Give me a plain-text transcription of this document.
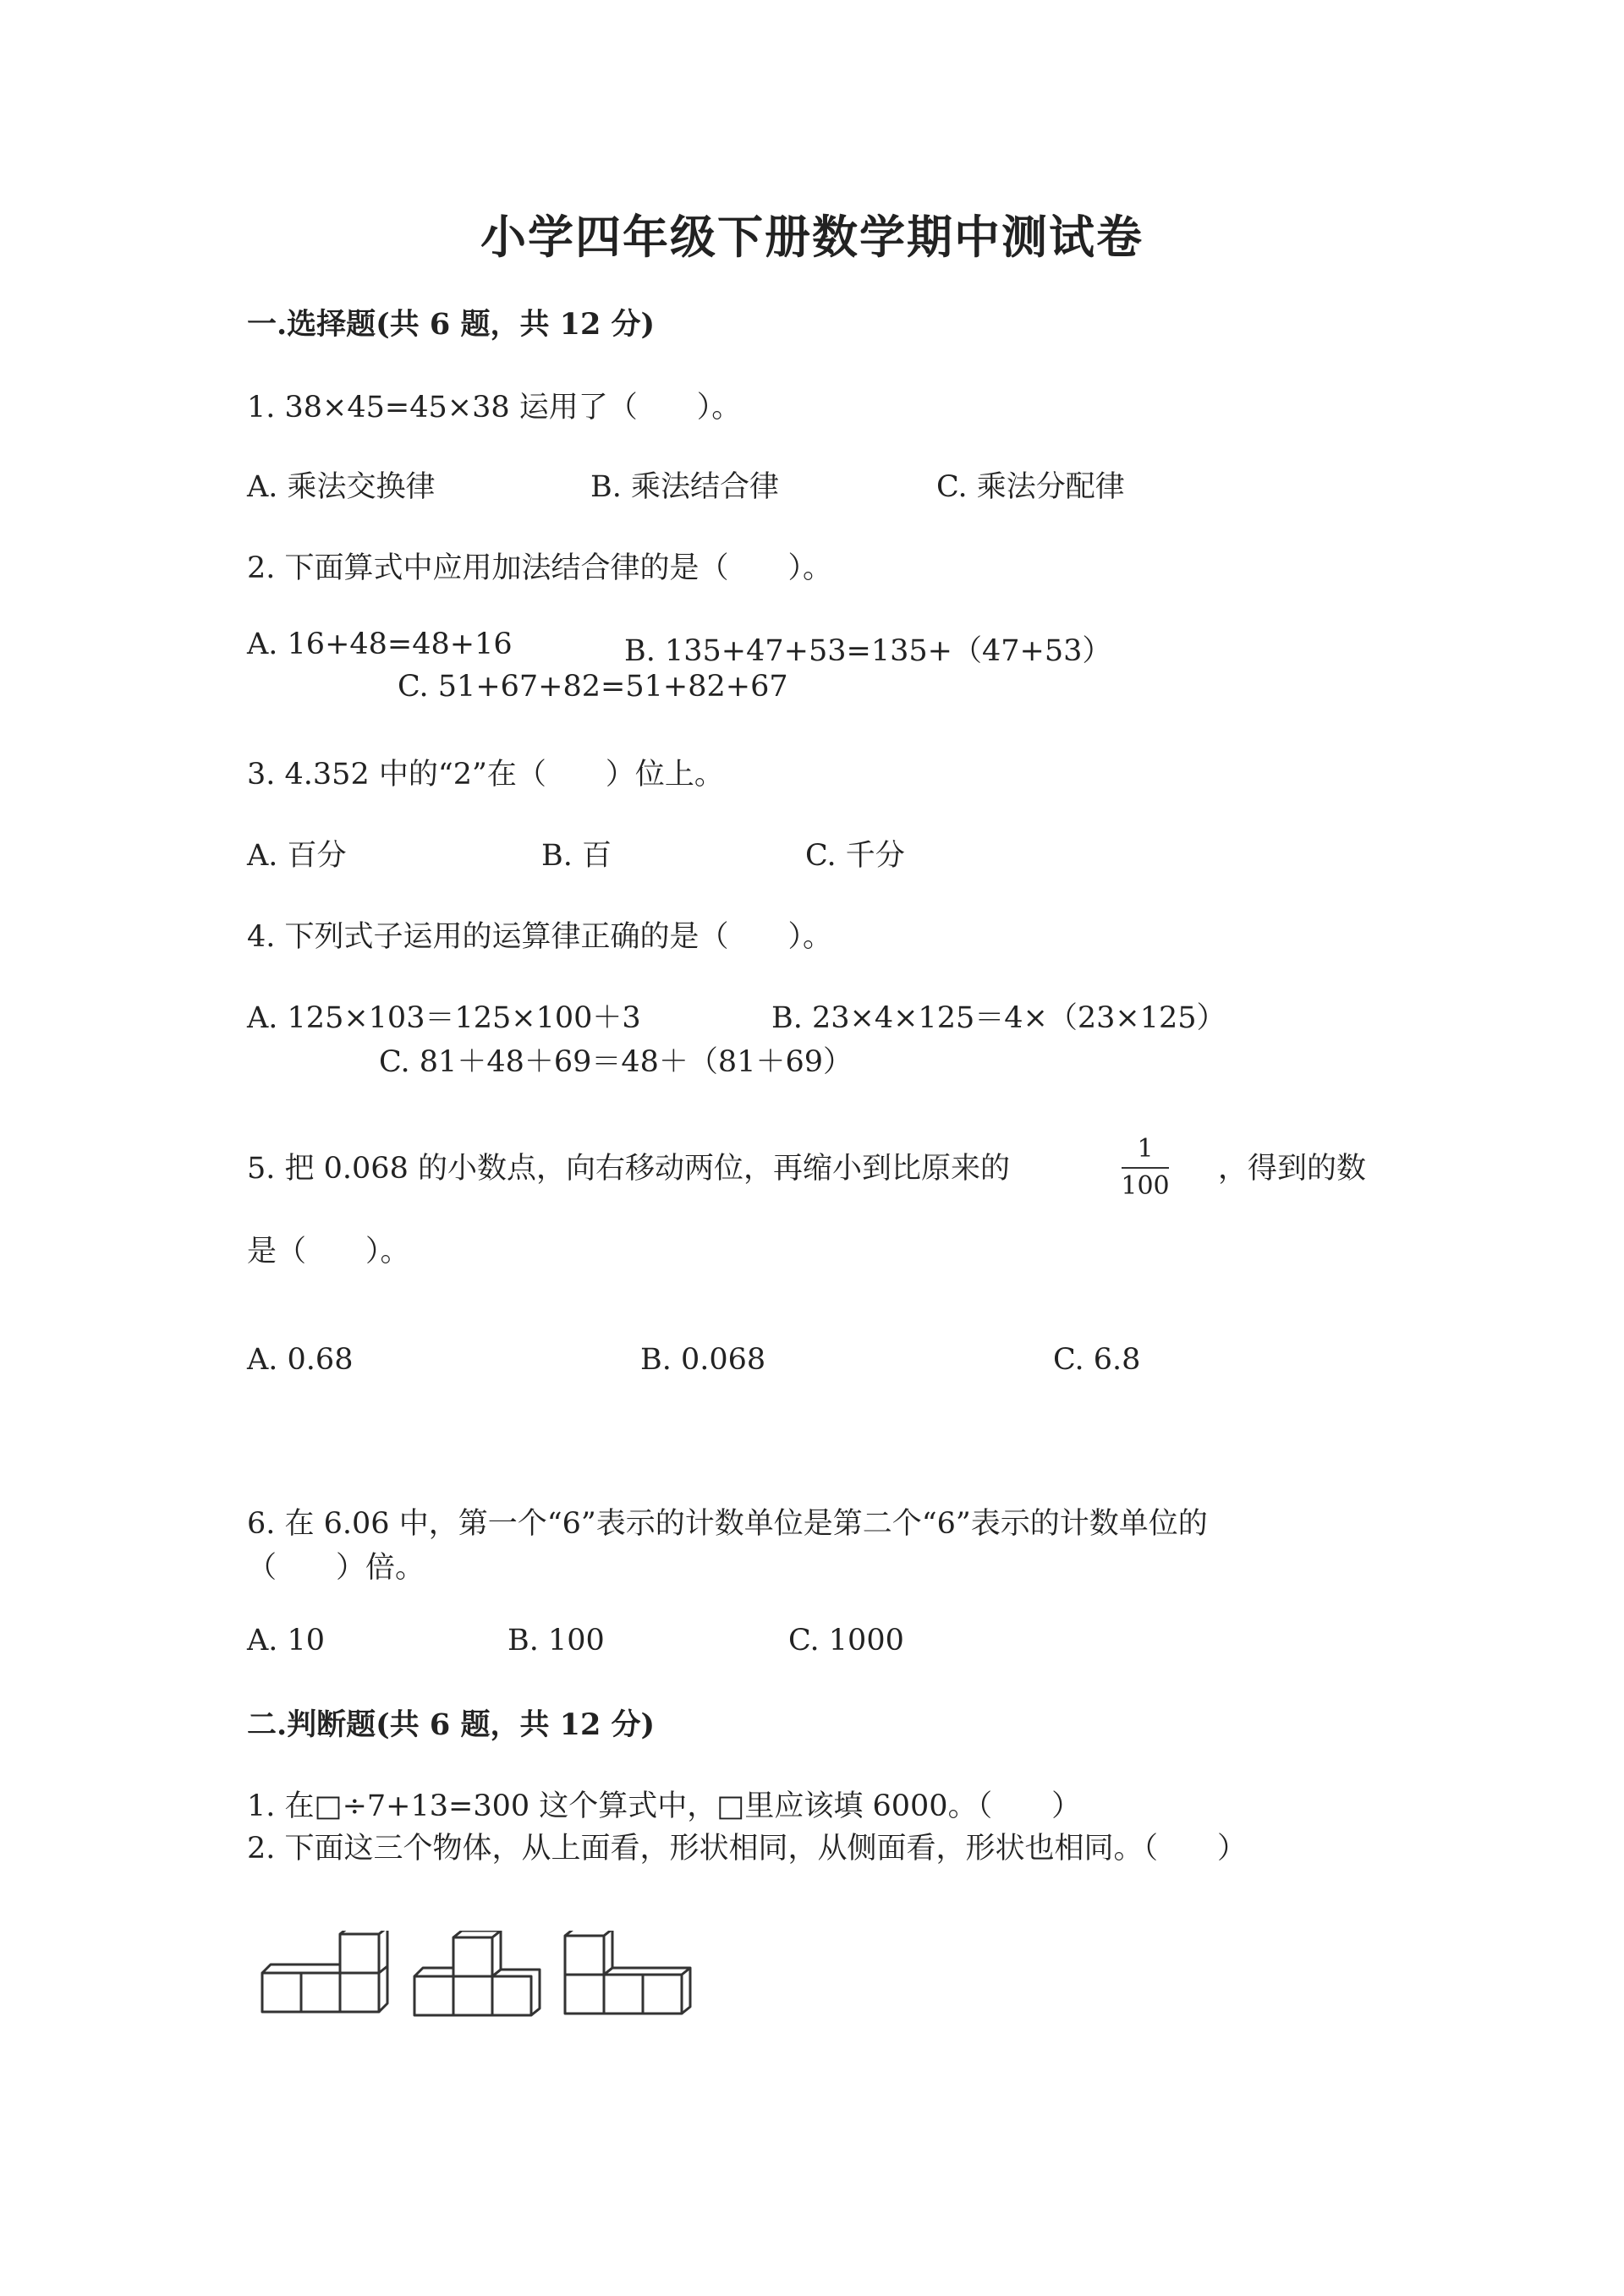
小学四年级下册数学期中测试卷
一.选择题(共 6 题，共 12 分)
1. 38×45=45×38 运用了（　　）。
A. 乘法交换律	B. 乘法结合律	C. 乘法分配律
2. 下面算式中应用加法结合律的是（　　）。
A. 16+48=48+16	B. 135+47+53=135+（47+53）
C. 51+67+82=51+82+67
3. 4.352 中的“2”在（　　）位上。
A. 百分	B. 百	C. 千分
4. 下列式子运用的运算律正确的是（　　）。
A. 125×103＝125×100＋3	B. 23×4×125＝4×（23×125）
C. 81＋48＋69＝48＋（81＋69）
5. 把 0.068 的小数点，向右移动两位，再缩小到比原来的
1
100
，得到的数
是（　　）。
A. 0.68	B. 0.068	C. 6.8
6. 在 6.06 中，第一个“6”表示的计数单位是第二个“6”表示的计数单位的
（　　）倍。
A. 10	B. 100	C. 1000
二.判断题(共 6 题，共 12 分)
1. 在□÷7+13=300 这个算式中，□里应该填 6000。（　　）
2. 下面这三个物体，从上面看，形状相同，从侧面看，形状也相同。（　　）
